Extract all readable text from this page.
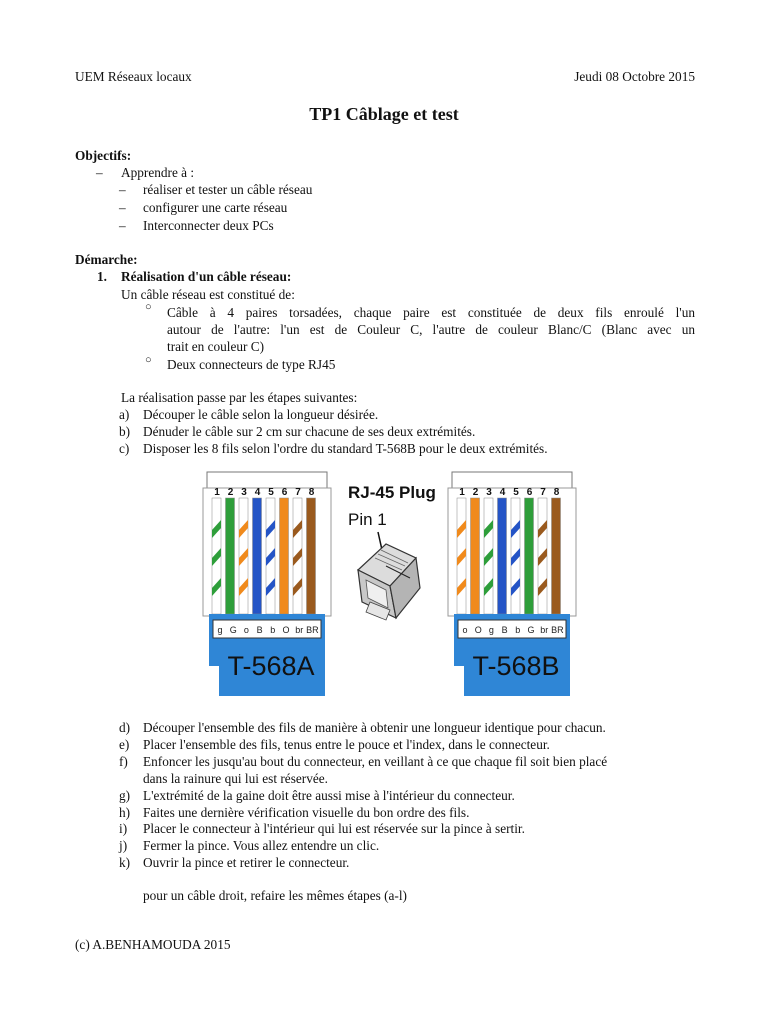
UEM Réseaux locaux	Jeudi 08 Octobre 2015
TP1 Câblage et test
Objectifs:
– Apprendre à :
– réaliser et tester un câble réseau
– configurer une carte réseau
– Interconnecter deux PCs
Démarche:
1. Réalisation d'un câble réseau:
Un câble réseau est constitué de:
○ Câble à 4 paires torsadées, chaque paire est constituée de deux fils enroulé l'un
autour de l'autre: l'un est de Couleur C, l'autre de couleur Blanc/C (Blanc avec un
trait en couleur C)
○ Deux connecteurs de type RJ45
La réalisation passe par les étapes suivantes:
a) Découper le câble selon la longueur désirée.
b) Dénuder le câble sur 2 cm sur chacune de ses deux extrémités.
c) Disposer les 8 fils selon l'ordre du standard T-568B pour le deux extrémités.
1 2 3 4 5 6 7 8
g G o B b O br BR
T-568A
1 2 3 4 5 6 7 8
o O g B b G br BR
T-568B
RJ-45 Plug
Pin 1
d) Découper l'ensemble des fils de manière à obtenir une longueur identique pour chacun.
e) Placer l'ensemble des fils, tenus entre le pouce et l'index, dans le connecteur.
f) Enfoncer les jusqu'au bout du connecteur, en veillant à ce que chaque fil soit bien placé
dans la rainure qui lui est réservée.
g) L'extrémité de la gaine doit être aussi mise à l'intérieur du connecteur.
h) Faites une dernière vérification visuelle du bon ordre des fils.
i) Placer le connecteur à l'intérieur qui lui est réservée sur la pince à sertir.
j) Fermer la pince. Vous allez entendre un clic.
k) Ouvrir la pince et retirer le connecteur.
pour un câble droit, refaire les mêmes étapes (a-l)
(c) A.BENHAMOUDA 2015
